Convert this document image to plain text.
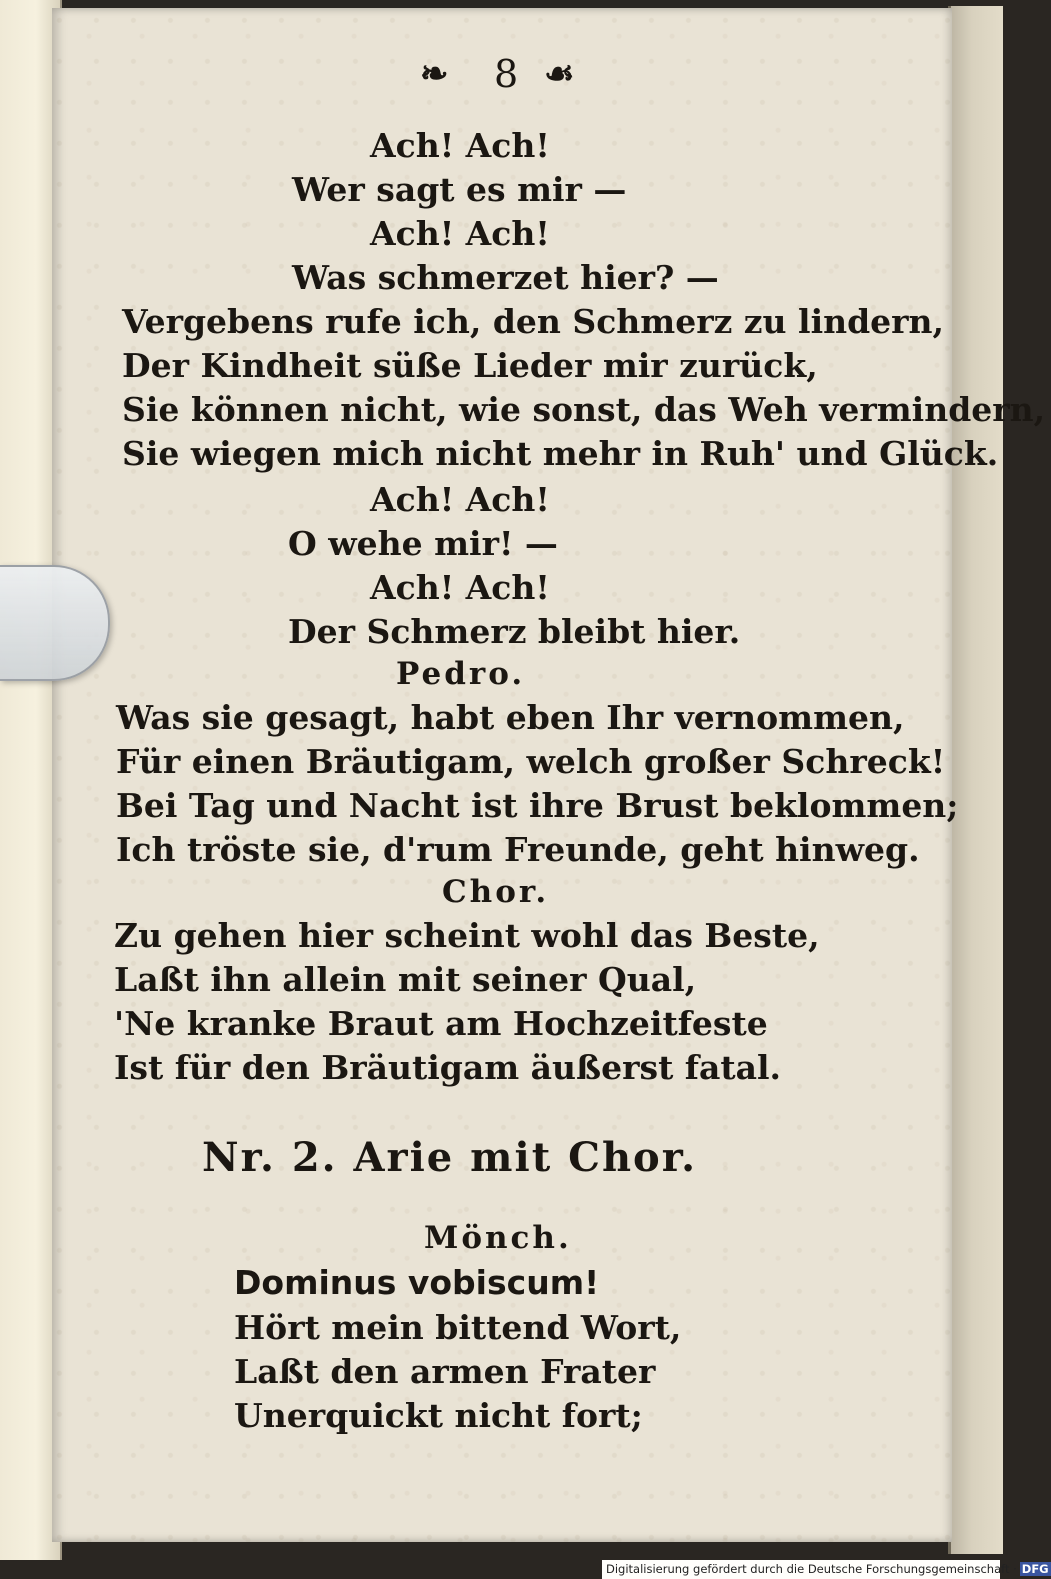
❧ 8 ☙
Ach! Ach!
Wer sagt es mir —
Ach! Ach!
Was schmerzet hier? —
Vergebens rufe ich, den Schmerz zu lindern,
Der Kindheit süße Lieder mir zurück,
Sie können nicht, wie sonst, das Weh vermindern,
Sie wiegen mich nicht mehr in Ruh' und Glück.
Ach! Ach!
O wehe mir! —
Ach! Ach!
Der Schmerz bleibt hier.
Pedro.
Was sie gesagt, habt eben Ihr vernommen,
Für einen Bräutigam, welch großer Schreck!
Bei Tag und Nacht ist ihre Brust beklommen;
Ich tröste sie, d'rum Freunde, geht hinweg.
Chor.
Zu gehen hier scheint wohl das Beste,
Laßt ihn allein mit seiner Qual,
'Ne kranke Braut am Hochzeitfeste
Ist für den Bräutigam äußerst fatal.
Nr. 2. Arie mit Chor.
Mönch.
Dominus vobiscum!
Hört mein bittend Wort,
Laßt den armen Frater
Unerquickt nicht fort;
Digitalisierung gefördert durch die Deutsche Forschungsgemeinschaft · DFG
